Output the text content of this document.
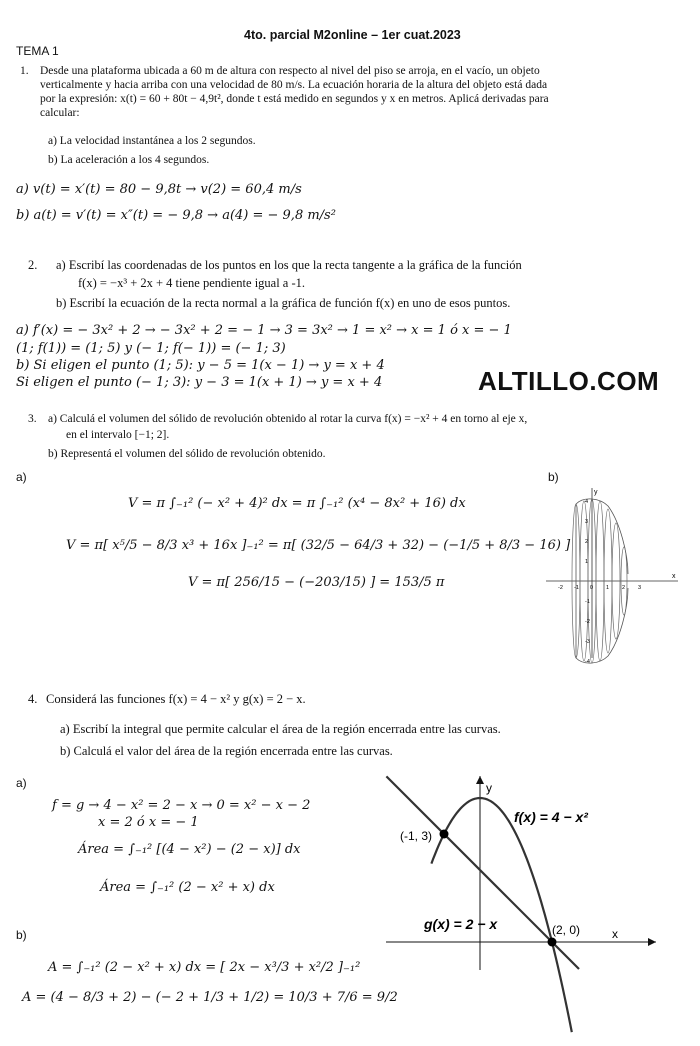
4to. parcial M2online – 1er cuat.2023
TEMA 1
1. Desde una plataforma ubicada a 60 m de altura con respecto al nivel del piso se arroja, en el vacío, un objeto
verticalmente y hacia arriba con una velocidad de 80 m/s. La ecuación horaria de la altura del objeto está dada
por la expresión: x(t) = 60 + 80t − 4,9t², donde t está medido en segundos y x en metros. Aplicá derivadas para
calcular:
a) La velocidad instantánea a los 2 segundos.
b) La aceleración a los 4 segundos.
a) v(t) = x′(t) = 80 − 9,8t → v(2) = 60,4 m/s
b) a(t) = v′(t) = x″(t) = − 9,8 → a(4) = − 9,8 m/s²
2. a) Escribí las coordenadas de los puntos en los que la recta tangente a la gráfica de la función
f(x) = −x³ + 2x + 4 tiene pendiente igual a -1.
b) Escribí la ecuación de la recta normal a la gráfica de función f(x) en uno de esos puntos.
a) f′(x) = − 3x² + 2 → − 3x² + 2 = − 1 → 3 = 3x² → 1 = x² → x = 1 ó x = − 1
(1; f(1)) = (1; 5) y (− 1; f(− 1)) = (− 1; 3)
b) Si eligen el punto (1; 5): y − 5 = 1(x − 1) → y = x + 4
Si eligen el punto (− 1; 3): y − 3 = 1(x + 1) → y = x + 4	ALTILLO.COM
3. a) Calculá el volumen del sólido de revolución obtenido al rotar la curva f(x) = −x² + 4 en torno al eje x,
en el intervalo [−1; 2].
b) Representá el volumen del sólido de revolución obtenido.
a)	b)
V = π ∫₋₁² (− x² + 4)² dx = π ∫₋₁² (x⁴ − 8x² + 16) dx
V = π[ x⁵/5 − 8/3 x³ + 16x ]₋₁² = π[ (32/5 − 64/3 + 32) − (−1/5 + 8/3 − 16) ]
V = π[ 256/15 − (−203/15) ] = 153/5 π
y
x
-2 -1 0 1 2 3
4
3
2
1
-1
-2
-3
-4
4. Considerá las funciones f(x) = 4 − x² y g(x) = 2 − x.
a) Escribí la integral que permite calcular el área de la región encerrada entre las curvas.
b) Calculá el valor del área de la región encerrada entre las curvas.
a)
f = g → 4 − x² = 2 − x → 0 = x² − x − 2
x = 2 ó x = − 1
Área = ∫₋₁² [(4 − x²) − (2 − x)] dx
Área = ∫₋₁² (2 − x² + x) dx
b)
A = ∫₋₁² (2 − x² + x) dx = [ 2x − x³/3 + x²/2 ]₋₁²
A = (4 − 8/3 + 2) − (− 2 + 1/3 + 1/2) = 10/3 + 7/6 = 9/2
(-1, 3)
(2, 0)
y
x
f(x) = 4 − x²
g(x) = 2 − x
